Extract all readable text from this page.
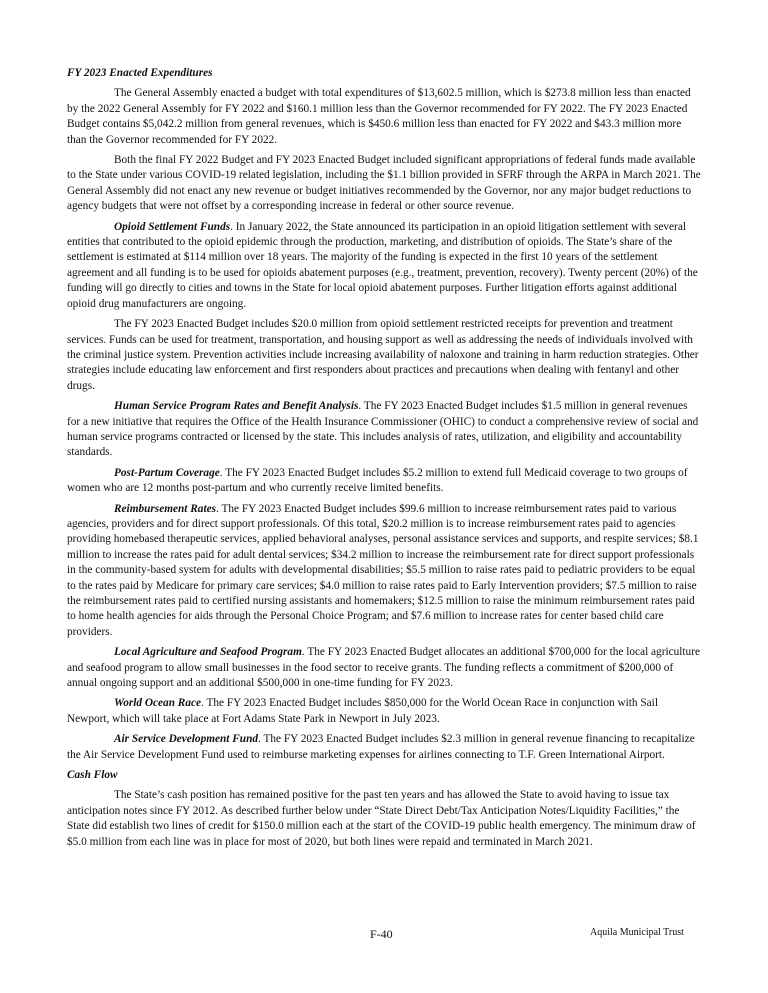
FY 2023 Enacted Expenditures

The General Assembly enacted a budget with total expenditures of $13,602.5 million, which is $273.8 million less than enacted by the 2022 General Assembly for FY 2022 and $160.1 million less than the Governor recommended for FY 2022. The FY 2023 Enacted Budget contains $5,042.2 million from general revenues, which is $450.6 million less than enacted for FY 2022 and $43.3 million more than the Governor recommended for FY 2022.

Both the final FY 2022 Budget and FY 2023 Enacted Budget included significant appropriations of federal funds made available to the State under various COVID-19 related legislation, including the $1.1 billion provided in SFRF through the ARPA in March 2021. The General Assembly did not enact any new revenue or budget initiatives recommended by the Governor, nor any major budget reductions to agency budgets that were not offset by a corresponding increase in federal or other source revenue.

Opioid Settlement Funds. In January 2022, the State announced its participation in an opioid litigation settlement with several entities that contributed to the opioid epidemic through the production, marketing, and distribution of opioids. The State’s share of the settlement is estimated at $114 million over 18 years. The majority of the funding is expected in the first 10 years of the settlement agreement and all funding is to be used for opioids abatement purposes (e.g., treatment, prevention, recovery). Twenty percent (20%) of the funding will go directly to cities and towns in the State for local opioid abatement purposes. Further litigation efforts against additional opioid drug manufacturers are ongoing.

The FY 2023 Enacted Budget includes $20.0 million from opioid settlement restricted receipts for prevention and treatment services. Funds can be used for treatment, transportation, and housing support as well as addressing the needs of individuals involved with the criminal justice system. Prevention activities include increasing availability of naloxone and training in harm reduction strategies. Other strategies include educating law enforcement and first responders about practices and precautions when dealing with fentanyl and other drugs.

Human Service Program Rates and Benefit Analysis. The FY 2023 Enacted Budget includes $1.5 million in general revenues for a new initiative that requires the Office of the Health Insurance Commissioner (OHIC) to conduct a comprehensive review of social and human service programs contracted or licensed by the state. This includes analysis of rates, utilization, and eligibility and accountability standards.

Post-Partum Coverage. The FY 2023 Enacted Budget includes $5.2 million to extend full Medicaid coverage to two groups of women who are 12 months post-partum and who currently receive limited benefits.

Reimbursement Rates. The FY 2023 Enacted Budget includes $99.6 million to increase reimbursement rates paid to various agencies, providers and for direct support professionals. Of this total, $20.2 million is to increase reimbursement rates paid to agencies providing homebased therapeutic services, applied behavioral analyses, personal assistance services and supports, and respite services; $8.1 million to increase the rates paid for adult dental services; $34.2 million to increase the reimbursement rate for direct support professionals in the community-based system for adults with developmental disabilities; $5.5 million to raise rates paid to pediatric providers to be equal to the rates paid by Medicare for primary care services; $4.0 million to raise rates paid to Early Intervention providers; $7.5 million to raise the reimbursement rates paid to certified nursing assistants and homemakers; $12.5 million to raise the minimum reimbursement rates paid to home health agencies for aids through the Personal Choice Program; and $7.6 million to increase rates for center based child care providers.

Local Agriculture and Seafood Program. The FY 2023 Enacted Budget allocates an additional $700,000 for the local agriculture and seafood program to allow small businesses in the food sector to receive grants. The funding reflects a commitment of $200,000 of annual ongoing support and an additional $500,000 in one-time funding for FY 2023.

World Ocean Race. The FY 2023 Enacted Budget includes $850,000 for the World Ocean Race in conjunction with Sail Newport, which will take place at Fort Adams State Park in Newport in July 2023.

Air Service Development Fund. The FY 2023 Enacted Budget includes $2.3 million in general revenue financing to recapitalize the Air Service Development Fund used to reimburse marketing expenses for airlines connecting to T.F. Green International Airport.

Cash Flow

The State’s cash position has remained positive for the past ten years and has allowed the State to avoid having to issue tax anticipation notes since FY 2012. As described further below under “State Direct Debt/Tax Anticipation Notes/Liquidity Facilities,” the State did establish two lines of credit for $150.0 million each at the start of the COVID-19 public health emergency. The minimum draw of $5.0 million from each line was in place for most of 2020, but both lines were repaid and terminated in March 2021.

F-40	Aquila Municipal Trust
